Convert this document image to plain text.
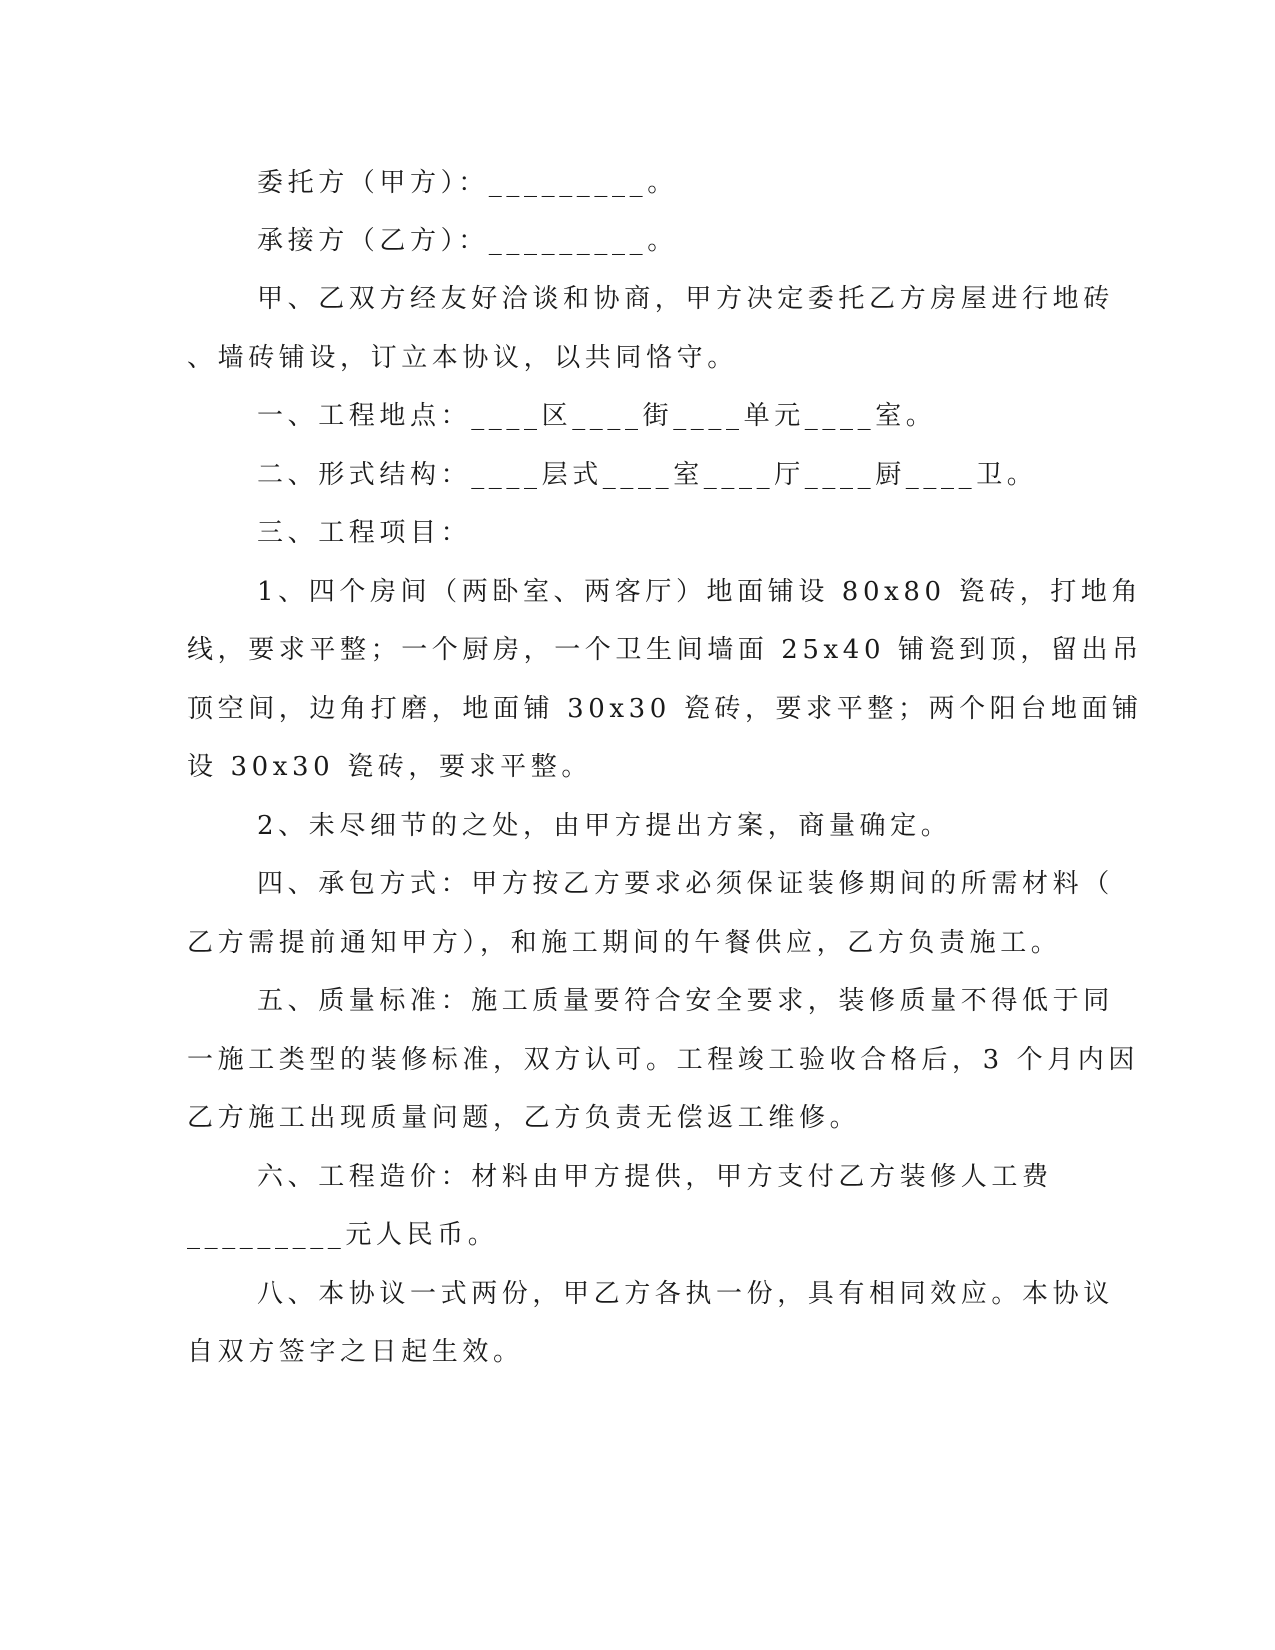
委托方（甲方）：_________。
承接方（乙方）：_________。
甲、乙双方经友好洽谈和协商，甲方决定委托乙方房屋进行地砖
、墙砖铺设，订立本协议，以共同恪守。
一、工程地点：____区____街____单元____室。
二、形式结构：____层式____室____厅____厨____卫。
三、工程项目：
1、四个房间（两卧室、两客厅）地面铺设 80x80 瓷砖，打地角
线，要求平整；一个厨房，一个卫生间墙面 25x40 铺瓷到顶，留出吊
顶空间，边角打磨，地面铺 30x30 瓷砖，要求平整；两个阳台地面铺
设 30x30 瓷砖，要求平整。
2、未尽细节的之处，由甲方提出方案，商量确定。
四、承包方式：甲方按乙方要求必须保证装修期间的所需材料（
乙方需提前通知甲方），和施工期间的午餐供应，乙方负责施工。
五、质量标准：施工质量要符合安全要求，装修质量不得低于同
一施工类型的装修标准，双方认可。工程竣工验收合格后，3 个月内因
乙方施工出现质量问题，乙方负责无偿返工维修。
六、工程造价：材料由甲方提供，甲方支付乙方装修人工费
_________元人民币。
八、本协议一式两份，甲乙方各执一份，具有相同效应。本协议
自双方签字之日起生效。
